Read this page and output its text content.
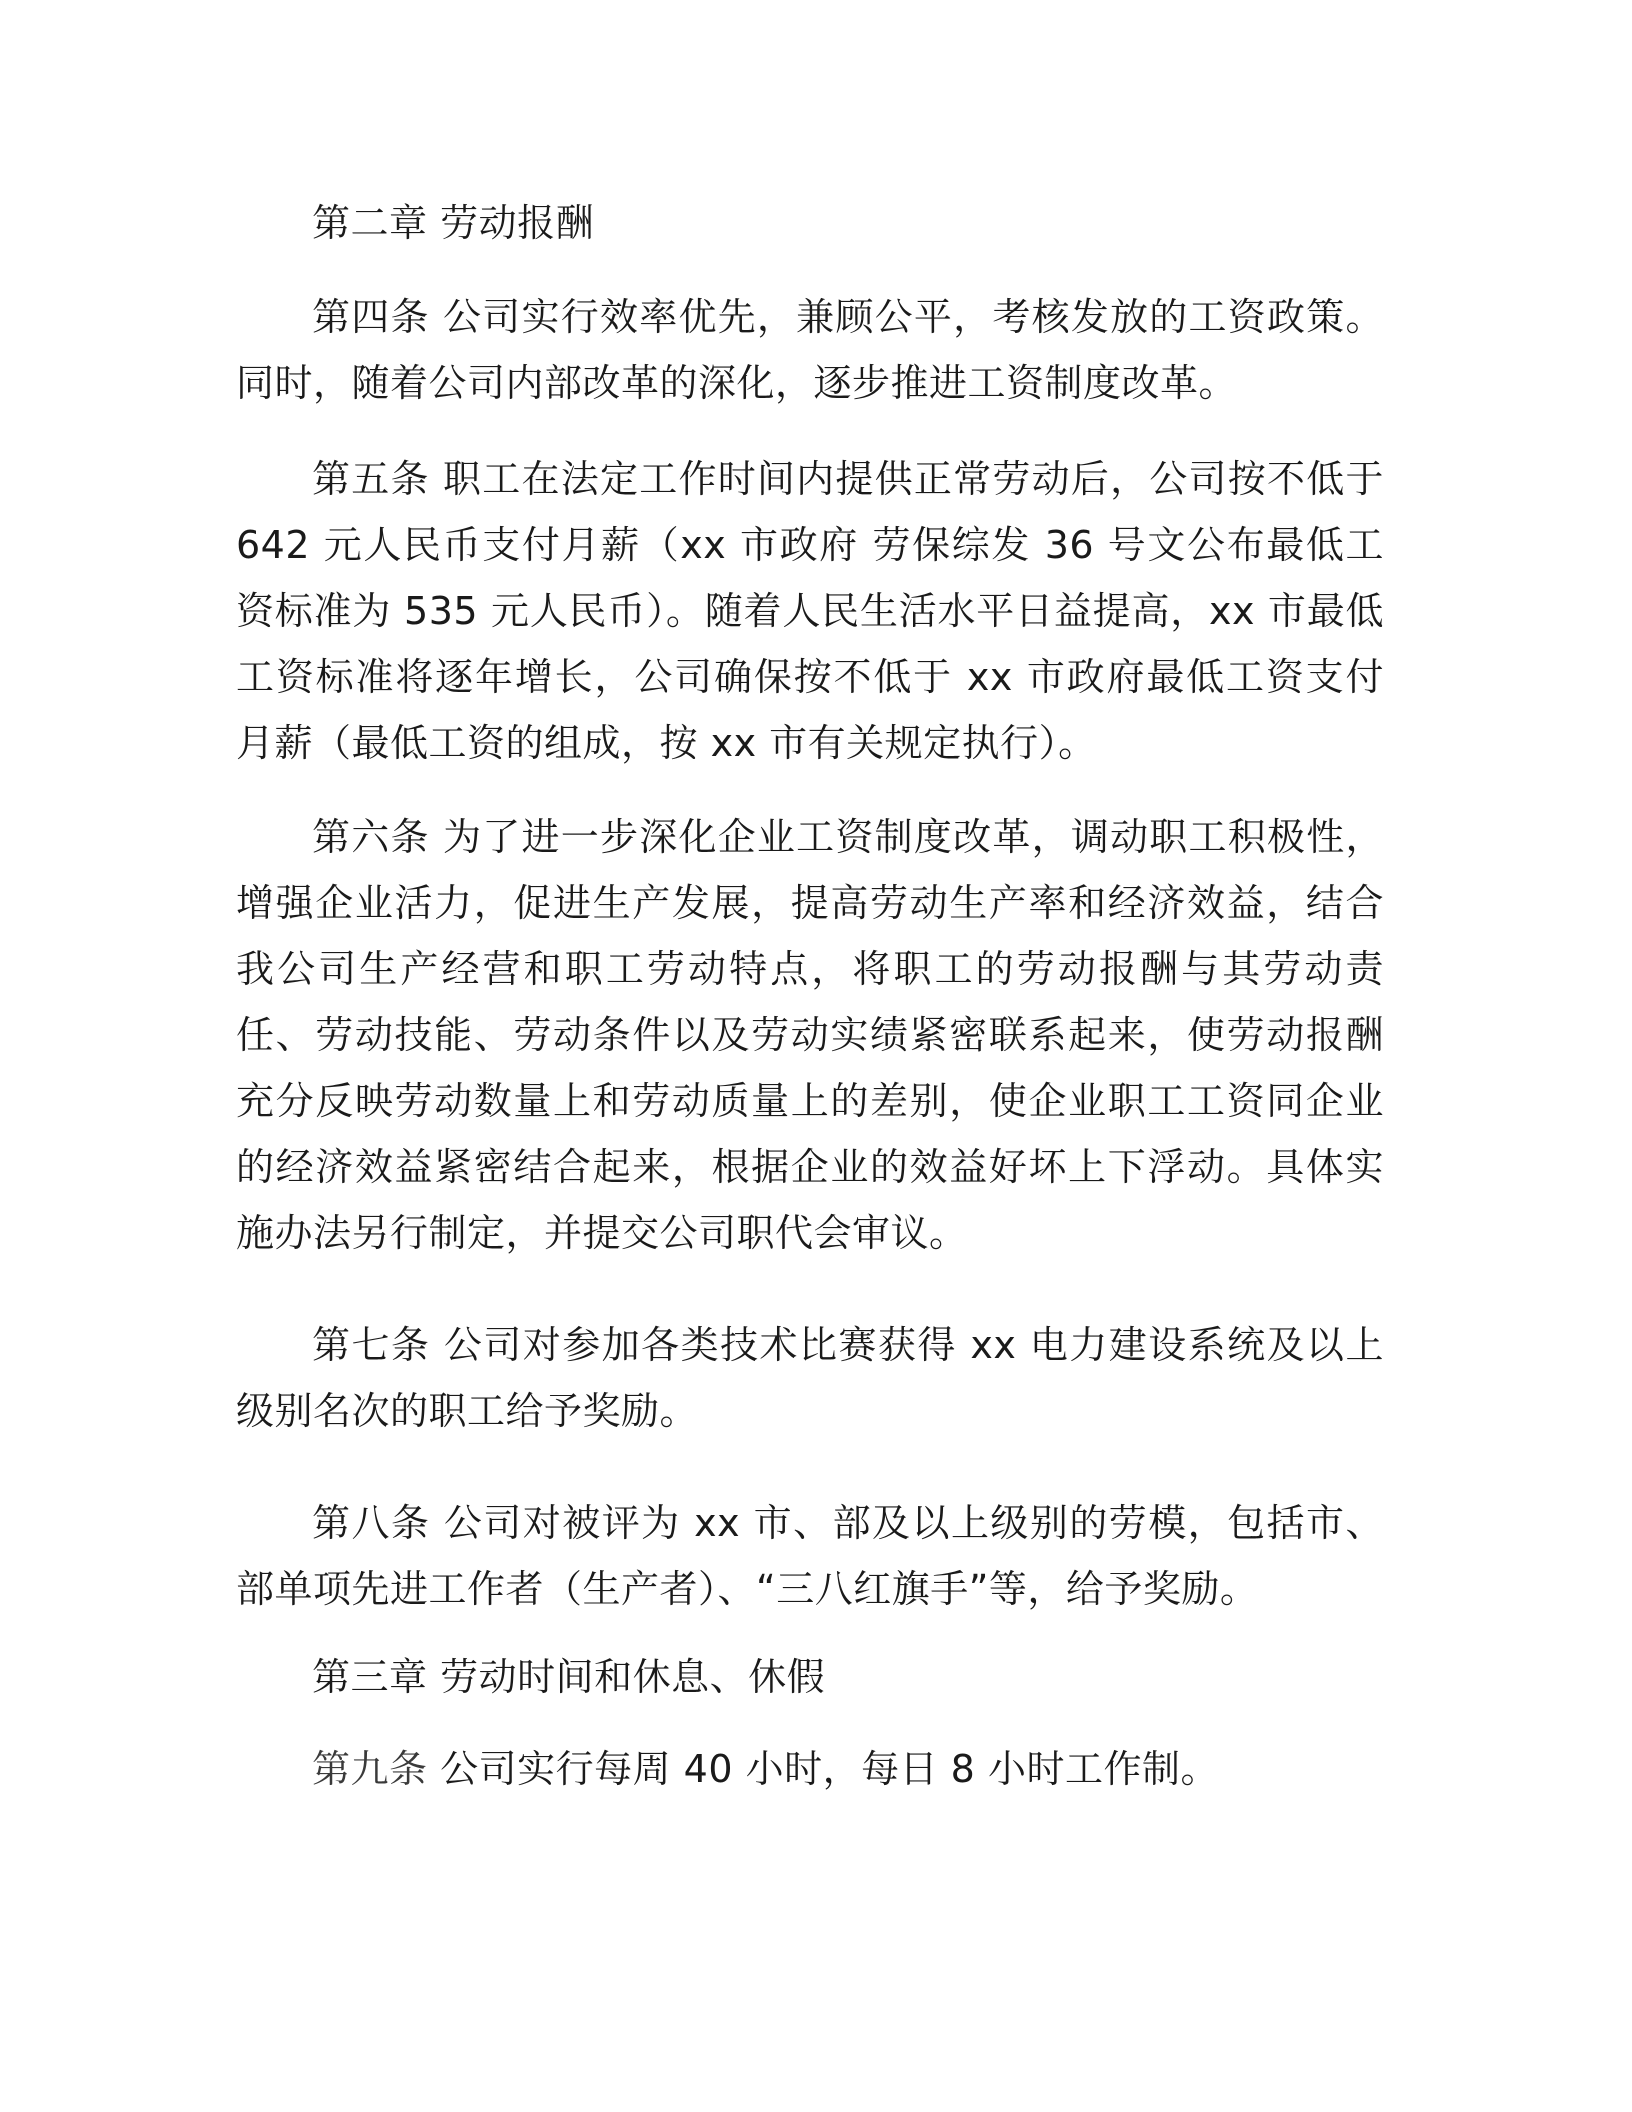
第二章 劳动报酬

第四条 公司实行效率优先，兼顾公平，考核发放的工资政策。同时，随着公司内部改革的深化，逐步推进工资制度改革。

第五条 职工在法定工作时间内提供正常劳动后，公司按不低于 642 元人民币支付月薪（xx 市政府 劳保综发 36 号文公布最低工资标准为 535 元人民币）。随着人民生活水平日益提高，xx 市最低工资标准将逐年增长，公司确保按不低于 xx 市政府最低工资支付月薪（最低工资的组成，按 xx 市有关规定执行）。

第六条 为了进一步深化企业工资制度改革，调动职工积极性，增强企业活力，促进生产发展，提高劳动生产率和经济效益，结合我公司生产经营和职工劳动特点，将职工的劳动报酬与其劳动责任、劳动技能、劳动条件以及劳动实绩紧密联系起来，使劳动报酬充分反映劳动数量上和劳动质量上的差别，使企业职工工资同企业的经济效益紧密结合起来，根据企业的效益好坏上下浮动。具体实施办法另行制定，并提交公司职代会审议。

第七条 公司对参加各类技术比赛获得 xx 电力建设系统及以上级别名次的职工给予奖励。

第八条 公司对被评为 xx 市、部及以上级别的劳模，包括市、部单项先进工作者（生产者）、“三八红旗手”等，给予奖励。

第三章 劳动时间和休息、休假

第九条 公司实行每周 40 小时，每日 8 小时工作制。
